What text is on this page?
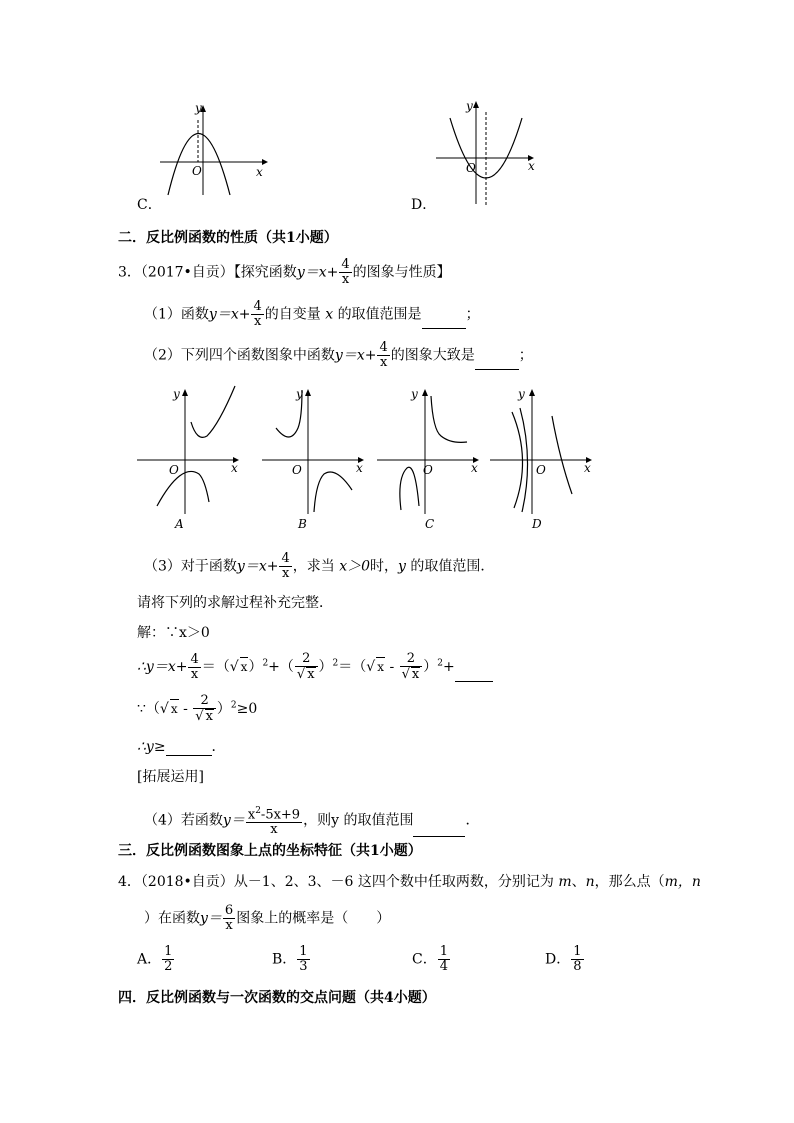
y
x
O
C．
y
x
O
D．
二．反比例函数的性质（共1小题）
3．（2017•自贡）【探究函数$y=x+ \frac{4}{x}$ 的图象与性质】
（1）函数$y=x+ \frac{4}{x}$ 的自变量 x 的取值范围是	；
（2）下列四个函数图象中函数$y=x+ \frac{4}{x}$ 的图象大致是	；
y
x
O
A
y
x
O
B
y
x
O
C
y
x
O
D
（3）对于函数$y=x+ \frac{4}{x}$ ，求当 x＞0时，y 的取值范围．
请将下列的求解过程补充完整．
解：∵x＞0
∴y＝x+ $\frac{4}{x}$ ＝（√ $x)^2+( \frac{2}{√ x} )^2=(√$ $x - \frac{2}{√ x} )^2+$
∵（√ $x - \frac{2}{√ x} )^2\ge 0$
∴y≥	．
[拓展运用]
（4）若函数$y= \frac{x^2-5x+9}{x}$ ，则y 的取值范围	．
三．反比例函数图象上点的坐标特征（共1小题）
4．（2018•自贡）从－1、2、3、－6 这四个数中任取两数，分别记为 m、n，那么点（m，n
）在函数$y= \frac{6}{x}$ 图象上的概率是（　　）
A． $\frac{1}{2}$	B． $\frac{1}{3}$	C． $\frac{1}{4}$	D． $\frac{1}{8}$
四．反比例函数与一次函数的交点问题（共4小题）
